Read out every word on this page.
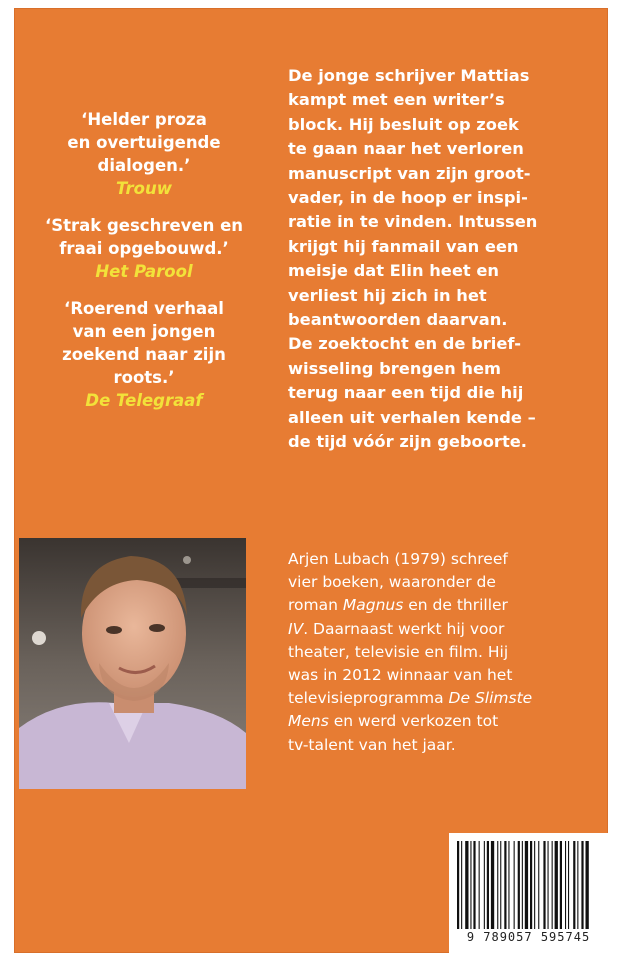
‘Helder proza
en overtuigende
dialogen.’
Trouw
‘Strak geschreven en
fraai opgebouwd.’
Het Parool
‘Roerend verhaal
van een jongen
zoekend naar zijn
roots.’
De Telegraaf
De jonge schrijver Mattias
kampt met een writer’s
block. Hij besluit op zoek
te gaan naar het verloren
manuscript van zijn groot-
vader, in de hoop er inspi-
ratie in te vinden. Intussen
krijgt hij fanmail van een
meisje dat Elin heet en
verliest hij zich in het
beantwoorden daarvan.
De zoektocht en de brief-
wisseling brengen hem
terug naar een tijd die hij
alleen uit verhalen kende –
de tijd vóór zijn geboorte.
Arjen Lubach (1979) schreef
vier boeken, waaronder de
roman Magnus en de thriller
IV. Daarnaast werkt hij voor
theater, televisie en film. Hij
was in 2012 winnaar van het
televisieprogramma De Slimste
Mens en werd verkozen tot
tv-talent van het jaar.
9 789057 595745
